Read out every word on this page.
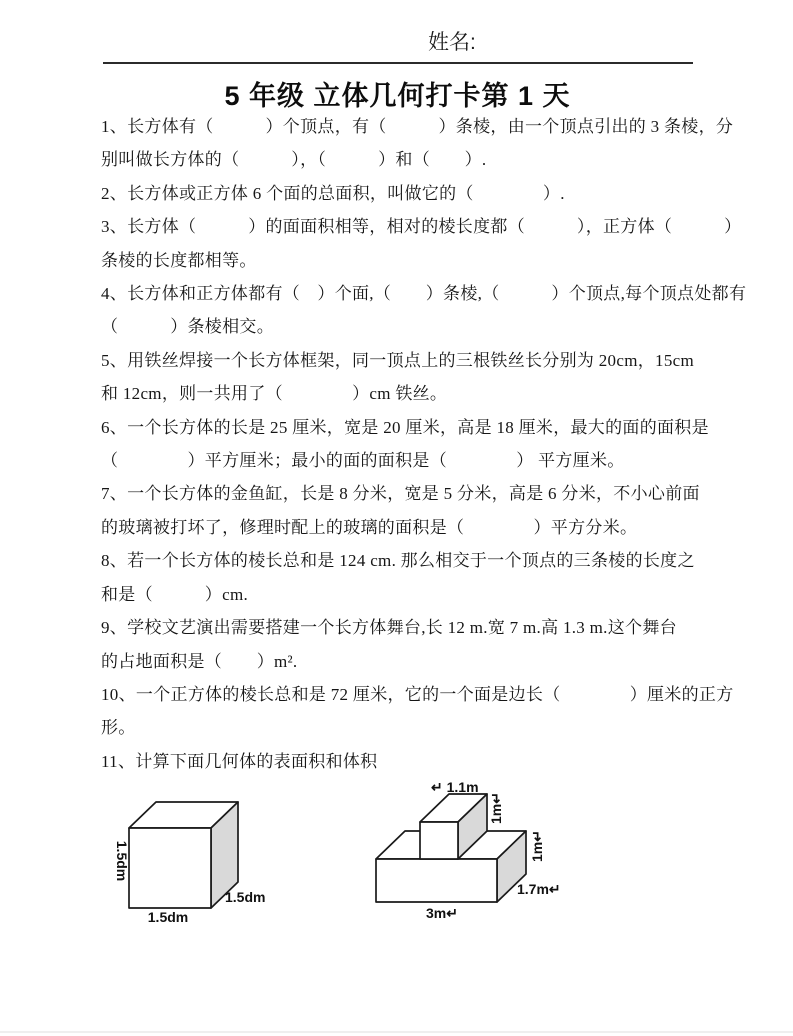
姓名:
5 年级 立体几何打卡第 1 天
1、长方体有（　　　）个顶点，有（　　　）条棱，由一个顶点引出的 3 条棱，分
别叫做长方体的（　　　），（　　　）和（　　）.
2、长方体或正方体 6 个面的总面积，叫做它的（　　　　）.
3、长方体（　　　）的面面积相等，相对的棱长度都（　　　），正方体（　　　）
条棱的长度都相等。
4、长方体和正方体都有（　）个面,（　　）条棱,（　　　）个顶点,每个顶点处都有
（　　　）条棱相交。
5、用铁丝焊接一个长方体框架，同一顶点上的三根铁丝长分别为 20cm，15cm
和 12cm，则一共用了（　　　　）cm 铁丝。
6、一个长方体的长是 25 厘米，宽是 20 厘米，高是 18 厘米，最大的面的面积是
（　　　　）平方厘米；最小的面的面积是（　　　　） 平方厘米。
7、一个长方体的金鱼缸，长是 8 分米，宽是 5 分米，高是 6 分米，不小心前面
的玻璃被打坏了，修理时配上的玻璃的面积是（　　　　）平方分米。
8、若一个长方体的棱长总和是 124 cm. 那么相交于一个顶点的三条棱的长度之
和是（　　　）cm.
9、学校文艺演出需要搭建一个长方体舞台,长 12 m.宽 7 m.高 1.3 m.这个舞台
的占地面积是（　　）m².
10、一个正方体的棱长总和是 72 厘米，它的一个面是边长（　　　　）厘米的正方
形。
11、计算下面几何体的表面积和体积
1.5dm
1.5dm
1.5dm
↵ 1.1m
1m↵
1m↵
1.7m↵
3m↵
